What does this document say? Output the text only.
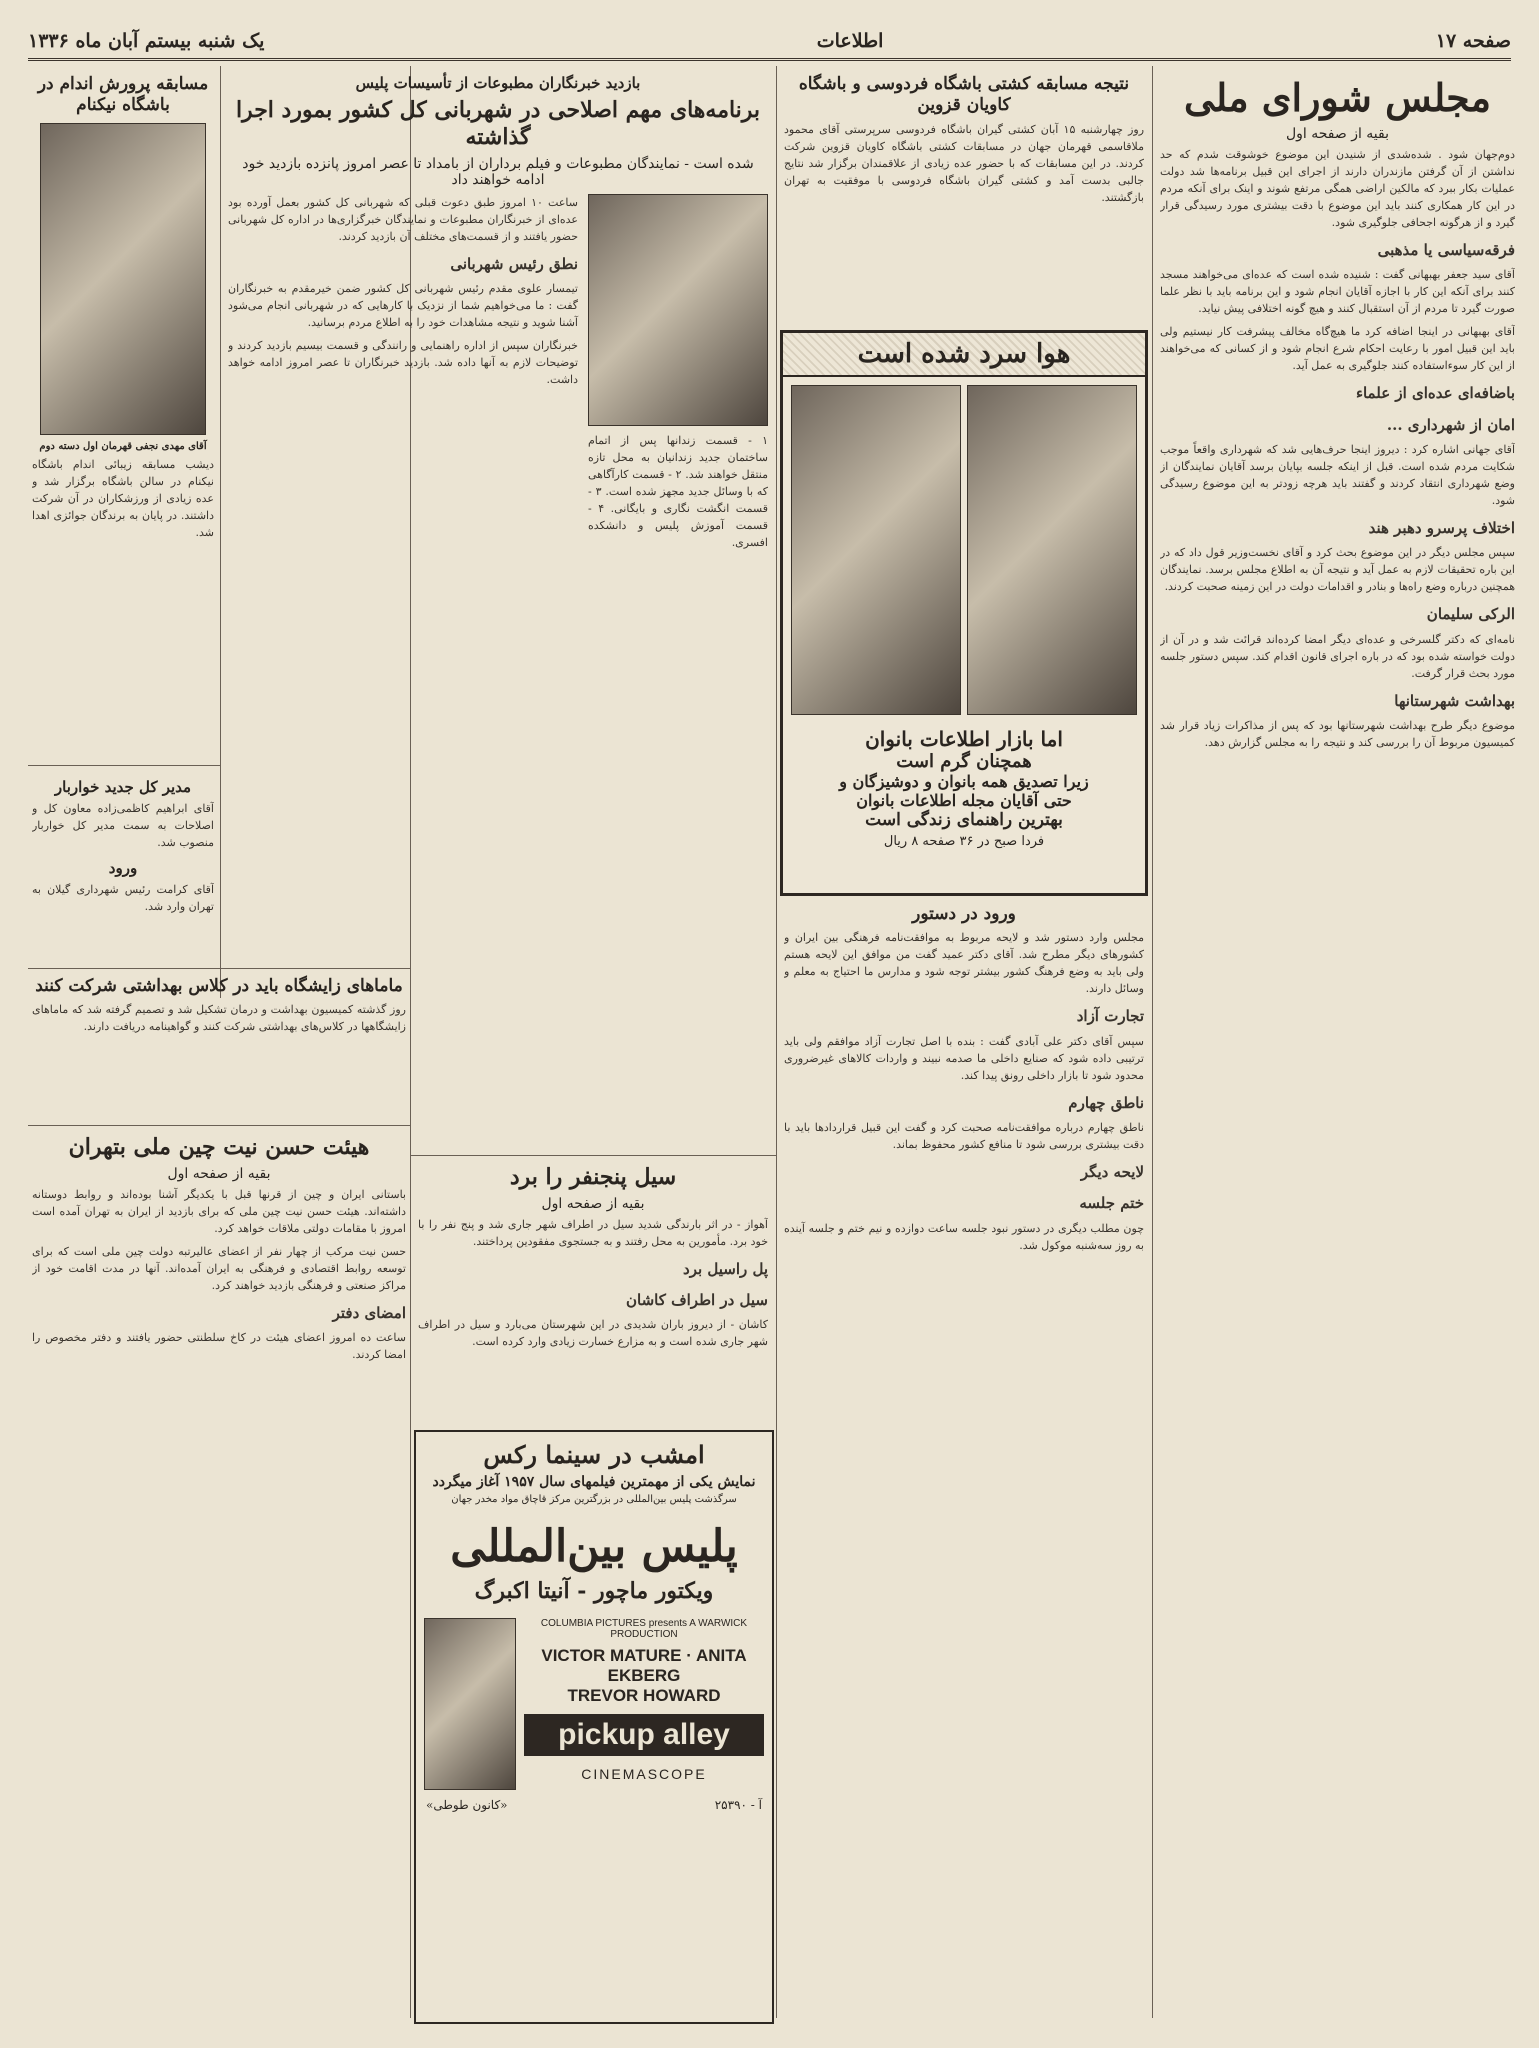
صفحه ۱۷
اطلاعات
یک شنبه بیستم آبان ماه ۱۳۳۶
مجلس شورای ملی
بقیه از صفحه اول

دوم‌جهان شود . شده‌شدی از شنیدن این موضوع خوشوقت شدم که حد نداشتن از آن گرفتن مازندران دارند از اجرای این قبیل برنامه‌ها شد دولت عملیات بکار ببرد که مالکین اراضی همگی مرتفع شوند و اینک برای آنکه مردم در این کار همکاری کنند باید این موضوع با دقت بیشتری مورد رسیدگی قرار گیرد و از هرگونه اجحافی جلوگیری شود.

فرقه‌سیاسی یا مذهبی

آقای سید جعفر بهبهانی گفت : شنیده شده است که عده‌ای می‌خواهند مسجد کنند برای آنکه این کار با اجازه آقایان انجام شود و این برنامه باید با نظر علما صورت گیرد تا مردم از آن استقبال کنند و هیچ گونه اختلافی پیش نیاید.

آقای بهبهانی در اینجا اضافه کرد ما هیچ‌گاه مخالف پیشرفت کار نیستیم ولی باید این قبیل امور با رعایت احکام شرع انجام شود و از کسانی که می‌خواهند از این کار سوءاستفاده کنند جلوگیری به عمل آید.

باضافه‌ای عده‌ای از علماء
امان از شهرداری ...

آقای جهانی اشاره کرد : دیروز اینجا حرف‌هایی شد که شهرداری واقعاً موجب شکایت مردم شده است. قبل از اینکه جلسه بپایان برسد آقایان نمایندگان از وضع شهرداری انتقاد کردند و گفتند باید هرچه زودتر به این موضوع رسیدگی شود.

اختلاف پرسرو دهبر هند

سپس مجلس دیگر در این موضوع بحث کرد و آقای نخست‌وزیر قول داد که در این باره تحقیقات لازم به عمل آید و نتیجه آن به اطلاع مجلس برسد. نمایندگان همچنین درباره وضع راه‌ها و بنادر و اقدامات دولت در این زمینه صحبت کردند.

الرکی سلیمان

نامه‌ای که دکتر گلسرخی و عده‌ای دیگر امضا کرده‌اند قرائت شد و در آن از دولت خواسته شده بود که در باره اجرای قانون اقدام کند. سپس دستور جلسه مورد بحث قرار گرفت.

بهداشت شهرستانها

موضوع دیگر طرح بهداشت شهرستانها بود که پس از مذاکرات زیاد قرار شد کمیسیون مربوط آن را بررسی کند و نتیجه را به مجلس گزارش دهد.

نتیجه مسابقه کشتی باشگاه فردوسی و باشگاه کاویان قزوین
روز چهارشنبه ۱۵ آبان کشتی گیران باشگاه فردوسی سرپرستی آقای محمود ملاقاسمی قهرمان جهان در مسابقات کشتی باشگاه کاویان قزوین شرکت کردند. در این مسابقات که با حضور عده زیادی از علاقمندان برگزار شد نتایج جالبی بدست آمد و کشتی گیران باشگاه فردوسی با موفقیت به تهران بازگشتند.
هوا سرد شده است
اما بازار اطلاعات بانوان
همچنان گرم است
زیرا تصدیق همه بانوان و دوشیزگان و
حتی آقایان مجله اطلاعات بانوان
بهترین راهنمای زندگی است
فردا صبح در ۳۶ صفحه ۸ ریال
ورود در دستور

مجلس وارد دستور شد و لایحه مربوط به موافقت‌نامه فرهنگی بین ایران و کشورهای دیگر مطرح شد. آقای دکتر عمید گفت من موافق این لایحه هستم ولی باید به وضع فرهنگ کشور بیشتر توجه شود و مدارس ما احتیاج به معلم و وسائل دارند.

تجارت آزاد

سپس آقای دکتر علی آبادی گفت : بنده با اصل تجارت آزاد موافقم ولی باید ترتیبی داده شود که صنایع داخلی ما صدمه نبیند و واردات کالاهای غیرضروری محدود شود تا بازار داخلی رونق پیدا کند.

ناطق چهارم

ناطق چهارم درباره موافقت‌نامه صحبت کرد و گفت این قبیل قراردادها باید با دقت بیشتری بررسی شود تا منافع کشور محفوظ بماند.

لایحه دیگر
ختم جلسه

چون مطلب دیگری در دستور نبود جلسه ساعت دوازده و نیم ختم و جلسه آینده به روز سه‌شنبه موکول شد.

بازدید خبرنگاران مطبوعات از تأسیسات پلیس
برنامه‌های مهم اصلاحی در شهربانی کل کشور بمورد اجرا گذاشته
شده است - نمایندگان مطبوعات و فیلم برداران از بامداد تا عصر امروز پانزده بازدید خود ادامه خواهند داد
۱ - قسمت زندانها پس از اتمام ساختمان جدید زندانیان به محل تازه منتقل خواهند شد. ۲ - قسمت کارآگاهی که با وسائل جدید مجهز شده است. ۳ - قسمت انگشت نگاری و بایگانی. ۴ - قسمت آموزش پلیس و دانشکده افسری.

ساعت ۱۰ امروز طبق دعوت قبلی که شهربانی کل کشور بعمل آورده بود عده‌ای از خبرنگاران مطبوعات و نمایندگان خبرگزاری‌ها در اداره کل شهربانی حضور یافتند و از قسمت‌های مختلف آن بازدید کردند.

نطق رئیس شهربانی

تیمسار علوی مقدم رئیس شهربانی کل کشور ضمن خیرمقدم به خبرنگاران گفت : ما می‌خواهیم شما از نزدیک با کارهایی که در شهربانی انجام می‌شود آشنا شوید و نتیجه مشاهدات خود را به اطلاع مردم برسانید.

خبرنگاران سپس از اداره راهنمایی و رانندگی و قسمت بیسیم بازدید کردند و توضیحات لازم به آنها داده شد. بازدید خبرنگاران تا عصر امروز ادامه خواهد داشت.

سیل پنجنفر را برد
بقیه از صفحه اول

آهواز - در اثر بارندگی شدید سیل در اطراف شهر جاری شد و پنج نفر را با خود برد. مأمورین به محل رفتند و به جستجوی مفقودین پرداختند.

پل راسیل برد
سیل در اطراف کاشان

کاشان - از دیروز باران شدیدی در این شهرستان می‌بارد و سیل در اطراف شهر جاری شده است و به مزارع خسارت زیادی وارد کرده است.

امشب در سینما رکس
نمایش یکی از مهمترین فیلمهای سال ۱۹۵۷ آغاز میگردد
سرگذشت پلیس بین‌المللی در بزرگترین مرکز قاچاق مواد مخدر جهان
پلیس بین‌المللی
ویکتور ماچور - آنیتا اکبرگ
COLUMBIA PICTURES presents A WARWICK PRODUCTION
VICTOR MATURE · ANITA EKBERG
TREVOR HOWARD
pickup alley
CINEMASCOPE
آ - ۲۵۳۹۰
«کانون طوطی»
مسابقه پرورش اندام در باشگاه نیکنام
آقای مهدی نجفی قهرمان اول دسته دوم

دیشب مسابقه زیبائی اندام باشگاه نیکنام در سالن باشگاه برگزار شد و عده زیادی از ورزشکاران در آن شرکت داشتند. در پایان به برندگان جوائزی اهدا شد.

مدیر کل جدید خواربار
آقای ابراهیم کاظمی‌زاده معاون کل و اصلاحات به سمت مدیر کل خواربار منصوب شد.
ورود
آقای کرامت رئیس شهرداری گیلان به تهران وارد شد.
ماماهای زایشگاه باید در کلاس بهداشتی شرکت کنند
روز گذشته کمیسیون بهداشت و درمان تشکیل شد و تصمیم گرفته شد که ماماهای زایشگاهها در کلاس‌های بهداشتی شرکت کنند و گواهینامه دریافت دارند.
هیئت حسن نیت چین ملی بتهران
بقیه از صفحه اول

باستانی ایران و چین از قرنها قبل با یکدیگر آشنا بوده‌اند و روابط دوستانه داشته‌اند. هیئت حسن نیت چین ملی که برای بازدید از ایران به تهران آمده است امروز با مقامات دولتی ملاقات خواهد کرد.

حسن نیت مرکب از چهار نفر از اعضای عالیرتبه دولت چین ملی است که برای توسعه روابط اقتصادی و فرهنگی به ایران آمده‌اند. آنها در مدت اقامت خود از مراکز صنعتی و فرهنگی بازدید خواهند کرد.

امضای دفتر

ساعت ده امروز اعضای هیئت در کاخ سلطنتی حضور یافتند و دفتر مخصوص را امضا کردند.
